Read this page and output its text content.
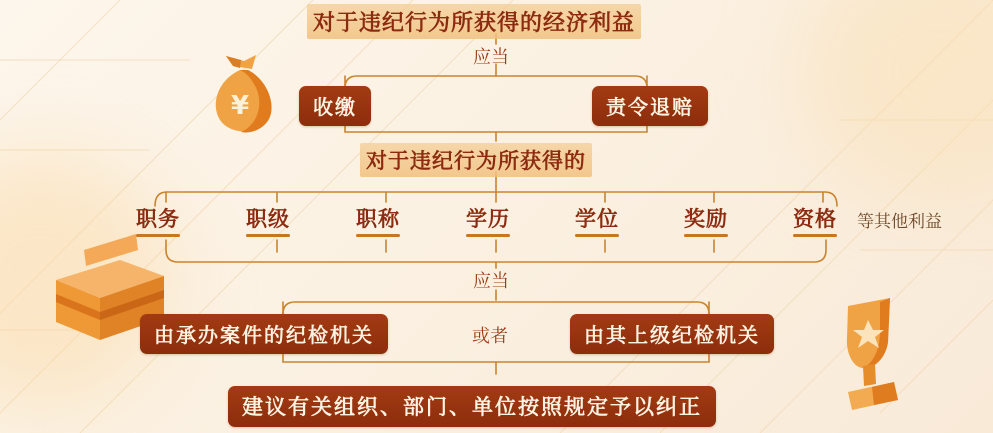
¥
对于违纪行为所获得的经济利益
应当
收缴	责令退赔
对于违纪行为所获得的
职务	职级	职称	学历	学位	奖励	资格 等其他利益
应当
由承办案件的纪检机关	或者	由其上级纪检机关
建议有关组织、部门、单位按照规定予以纠正
